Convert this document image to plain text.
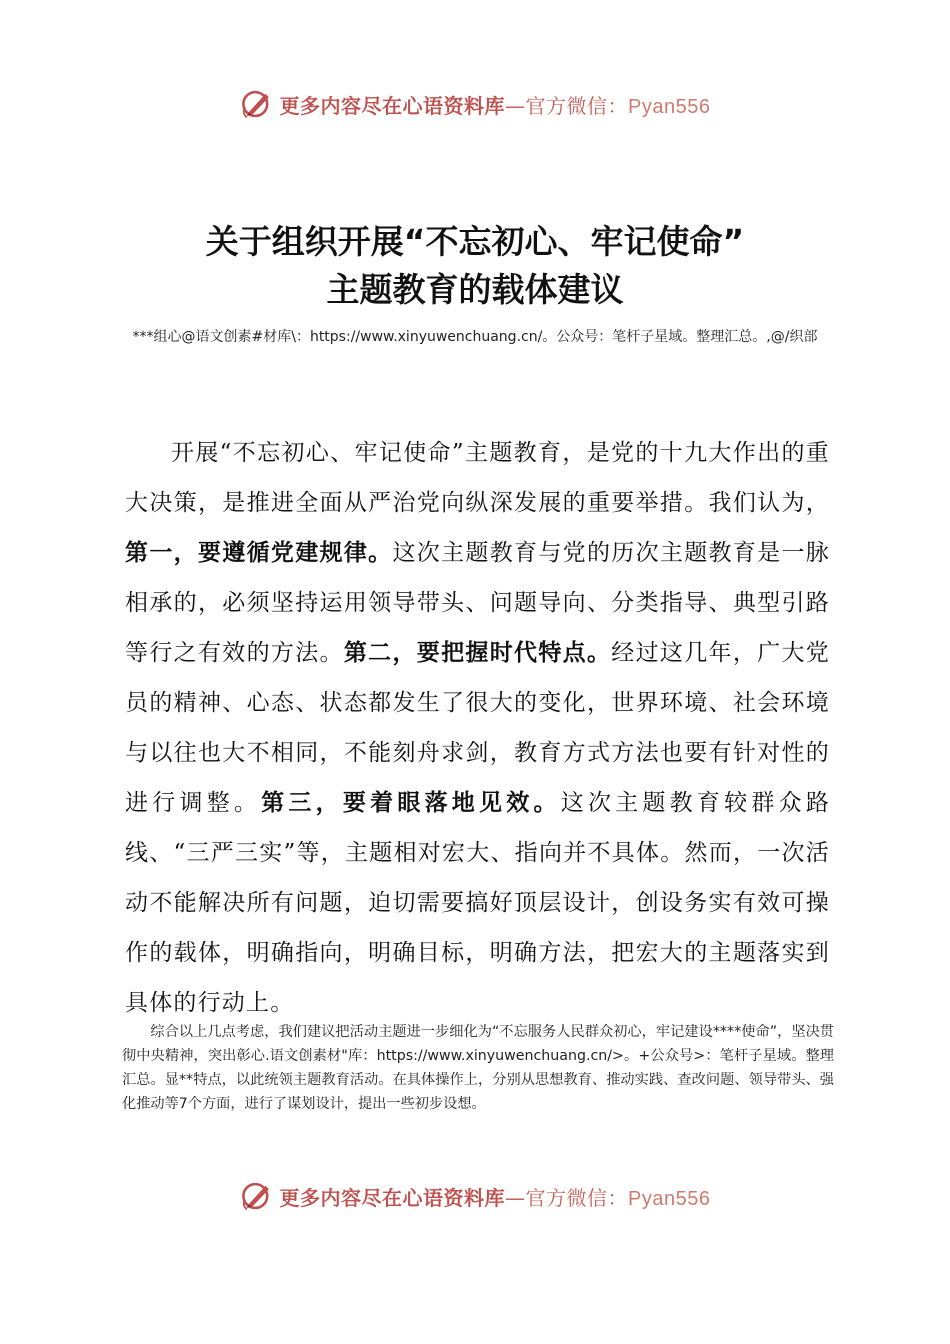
更多内容尽在心语资料库—官方微信：Pyan556
关于组织开展“不忘初心、牢记使命”
主题教育的载体建议
***组心@语文创素#材库\：https://www.xinyuwenchuang.cn/。公众号：笔杆子星域。整理汇总。,@/织部
开展“不忘初心、牢记使命”主题教育，是党的十九大作出的重大决策，是推进全面从严治党向纵深发展的重要举措。我们认为，第一，要遵循党建规律。这次主题教育与党的历次主题教育是一脉相承的，必须坚持运用领导带头、问题导向、分类指导、典型引路等行之有效的方法。第二，要把握时代特点。经过这几年，广大党员的精神、心态、状态都发生了很大的变化，世界环境、社会环境与以往也大不相同，不能刻舟求剑，教育方式方法也要有针对性的进行调整。第三，要着眼落地见效。这次主题教育较群众路线、“三严三实”等，主题相对宏大、指向并不具体。然而，一次活动不能解决所有问题，迫切需要搞好顶层设计，创设务实有效可操作的载体，明确指向，明确目标，明确方法，把宏大的主题落实到具体的行动上。
综合以上几点考虑，我们建议把活动主题进一步细化为“不忘服务人民群众初心，牢记建设****使命”，坚决贯彻中央精神，突出彰心.语文创素材"库：https://www.xinyuwenchuang.cn/>。+公众号>：笔杆子星域。整理汇总。显**特点，以此统领主题教育活动。在具体操作上，分别从思想教育、推动实践、查改问题、领导带头、强化推动等7个方面，进行了谋划设计，提出一些初步设想。
更多内容尽在心语资料库—官方微信：Pyan556
